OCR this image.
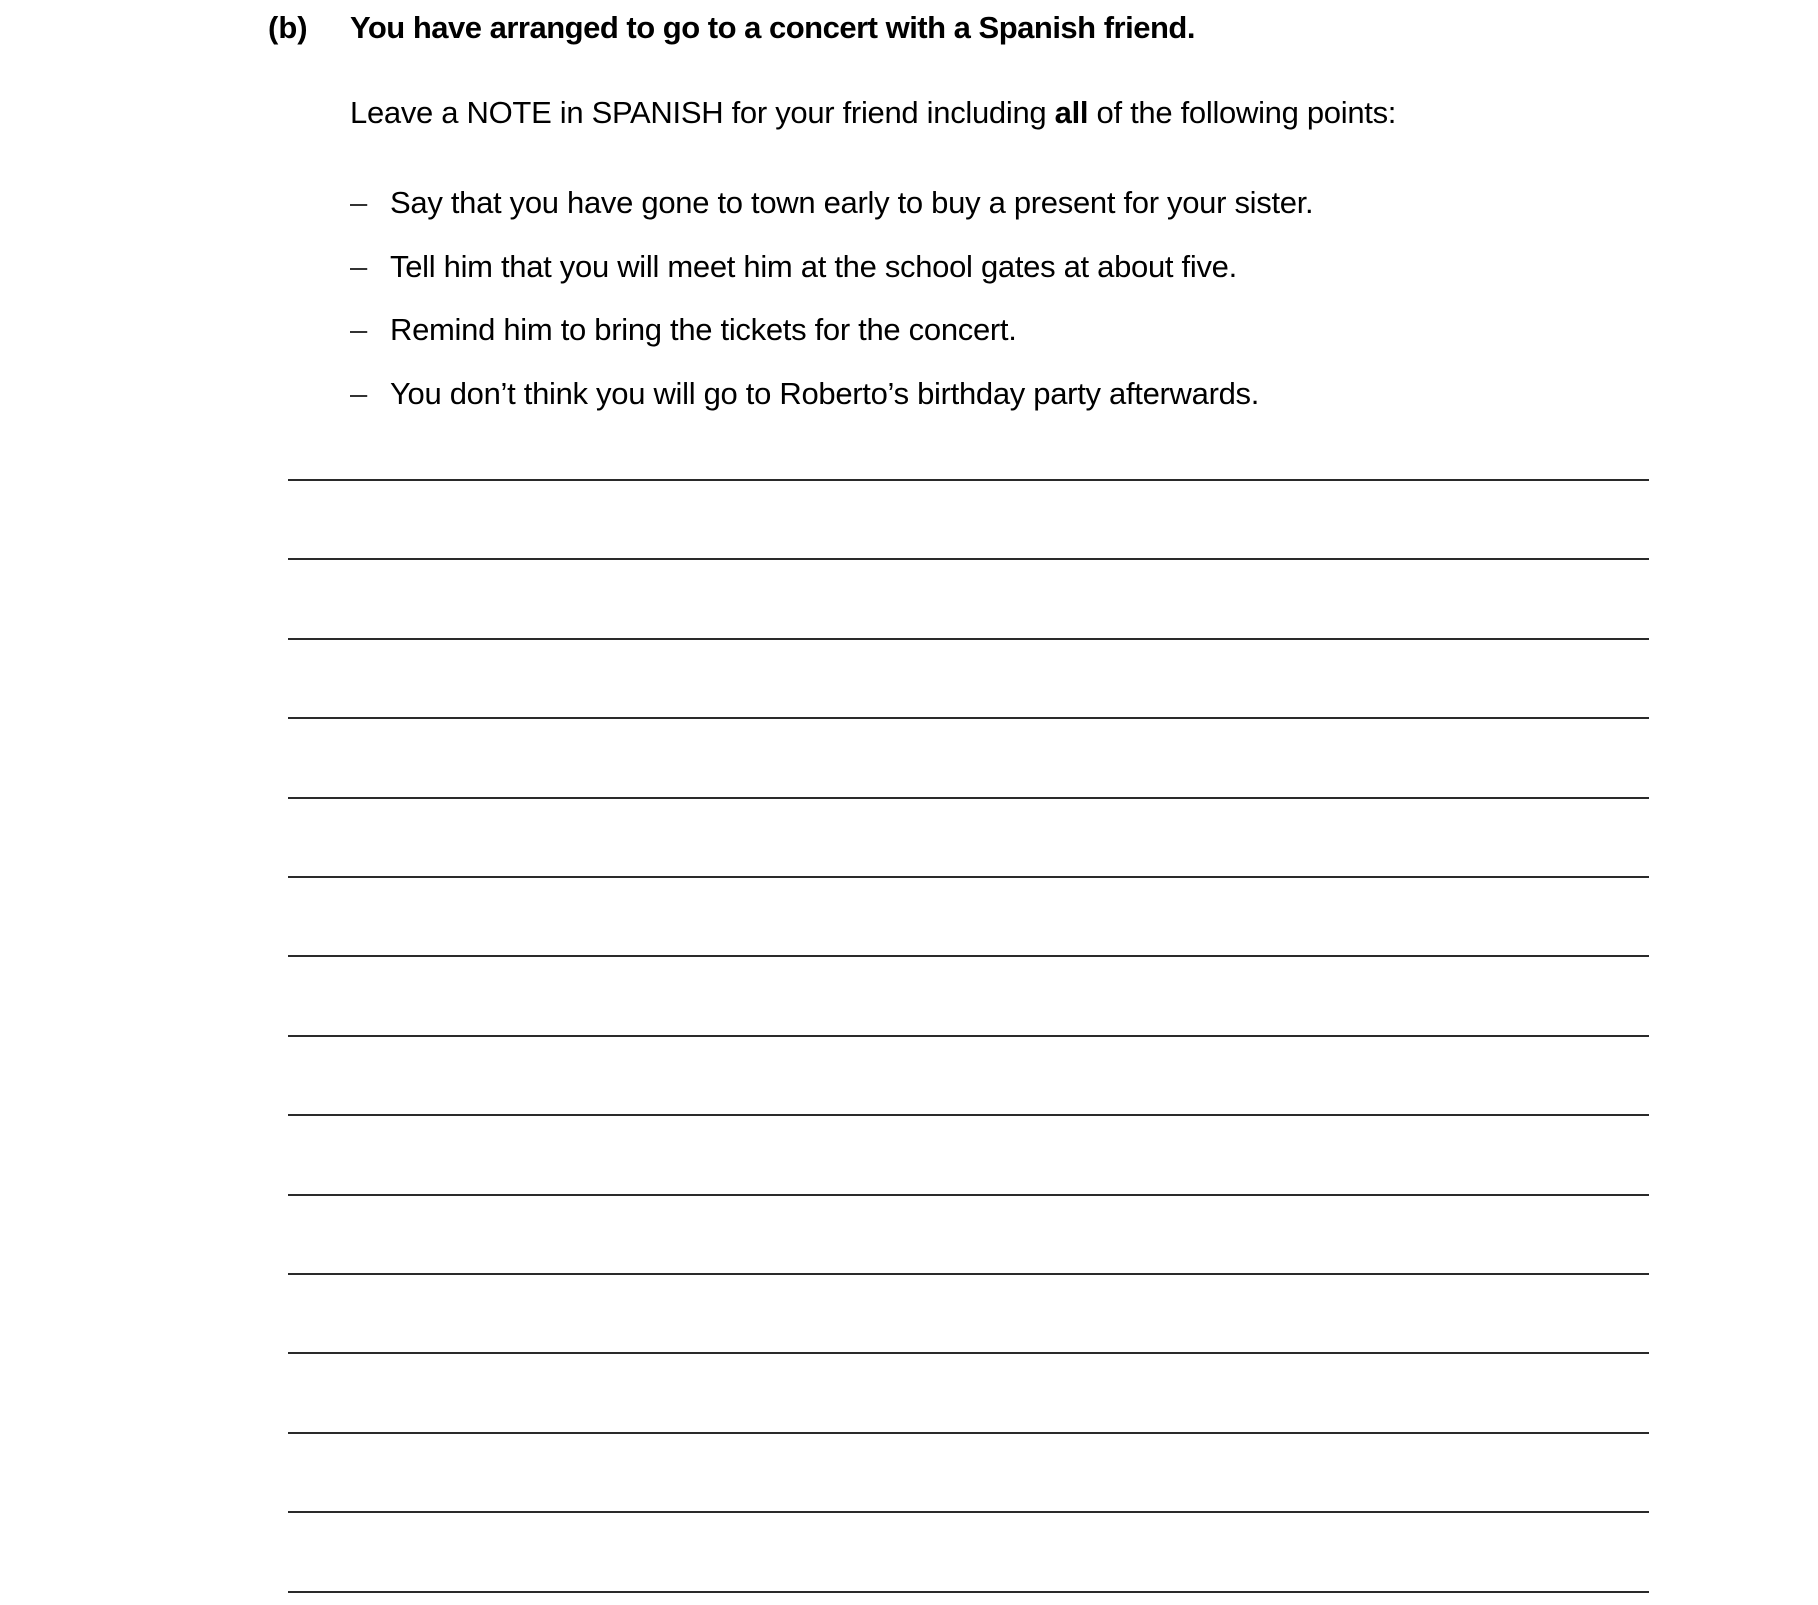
(b) You have arranged to go to a concert with a Spanish friend.
Leave a NOTE in SPANISH for your friend including all of the following points:
– Say that you have gone to town early to buy a present for your sister.
– Tell him that you will meet him at the school gates at about five.
– Remind him to bring the tickets for the concert.
– You don’t think you will go to Roberto’s birthday party afterwards.
